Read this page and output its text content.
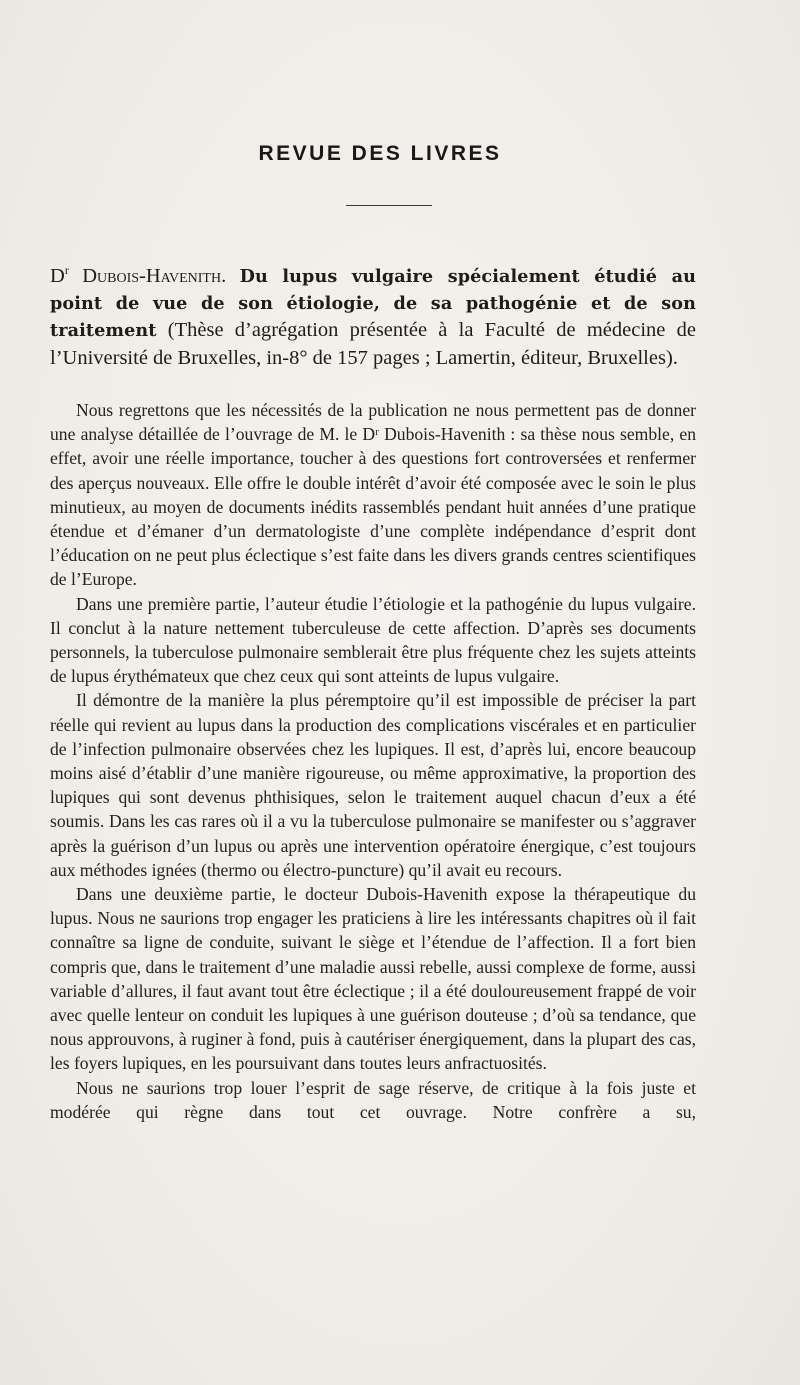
REVUE DES LIVRES
$D^r$ Dubois-Havenith. Du lupus vulgaire spécialement étudié au point de vue de son étiologie, de sa pathogénie et de son traitement (Thèse d’agrégation présentée à la Faculté de médecine de l’Université de Bruxelles, in-8° de 157 pages ; Lamertin, éditeur, Bruxelles).

Nous regrettons que les nécessités de la publication ne nous permettent pas de donner une analyse détaillée de l’ouvrage de M. le Dʳ Dubois-Havenith : sa thèse nous semble, en effet, avoir une réelle importance, toucher à des questions fort controversées et renfermer des aperçus nouveaux. Elle offre le double intérêt d’avoir été composée avec le soin le plus minutieux, au moyen de documents inédits rassemblés pendant huit années d’une pratique étendue et d’émaner d’un dermatologiste d’une complète indépendance d’esprit dont l’éducation on ne peut plus éclectique s’est faite dans les divers grands centres scientifiques de l’Europe.

Dans une première partie, l’auteur étudie l’étiologie et la pathogénie du lupus vulgaire. Il conclut à la nature nettement tuberculeuse de cette affection. D’après ses documents personnels, la tuberculose pulmonaire semblerait être plus fréquente chez les sujets atteints de lupus érythémateux que chez ceux qui sont atteints de lupus vulgaire.

Il démontre de la manière la plus péremptoire qu’il est impossible de préciser la part réelle qui revient au lupus dans la production des complications viscérales et en particulier de l’infection pulmonaire observées chez les lupiques. Il est, d’après lui, encore beaucoup moins aisé d’établir d’une manière rigoureuse, ou même approximative, la proportion des lupiques qui sont devenus phthisiques, selon le traitement auquel chacun d’eux a été soumis. Dans les cas rares où il a vu la tuberculose pulmonaire se manifester ou s’aggraver après la guérison d’un lupus ou après une intervention opératoire énergique, c’est toujours aux méthodes ignées (thermo ou électro-puncture) qu’il avait eu recours.

Dans une deuxième partie, le docteur Dubois-Havenith expose la thérapeutique du lupus. Nous ne saurions trop engager les praticiens à lire les intéressants chapitres où il fait connaître sa ligne de conduite, suivant le siège et l’étendue de l’affection. Il a fort bien compris que, dans le traitement d’une maladie aussi rebelle, aussi complexe de forme, aussi variable d’allures, il faut avant tout être éclectique ; il a été douloureusement frappé de voir avec quelle lenteur on conduit les lupiques à une guérison douteuse ; d’où sa tendance, que nous approuvons, à ruginer à fond, puis à cautériser énergiquement, dans la plupart des cas, les foyers lupiques, en les poursuivant dans toutes leurs anfractuosités.

Nous ne saurions trop louer l’esprit de sage réserve, de critique à la fois juste et modérée qui règne dans tout cet ouvrage. Notre confrère a su,
